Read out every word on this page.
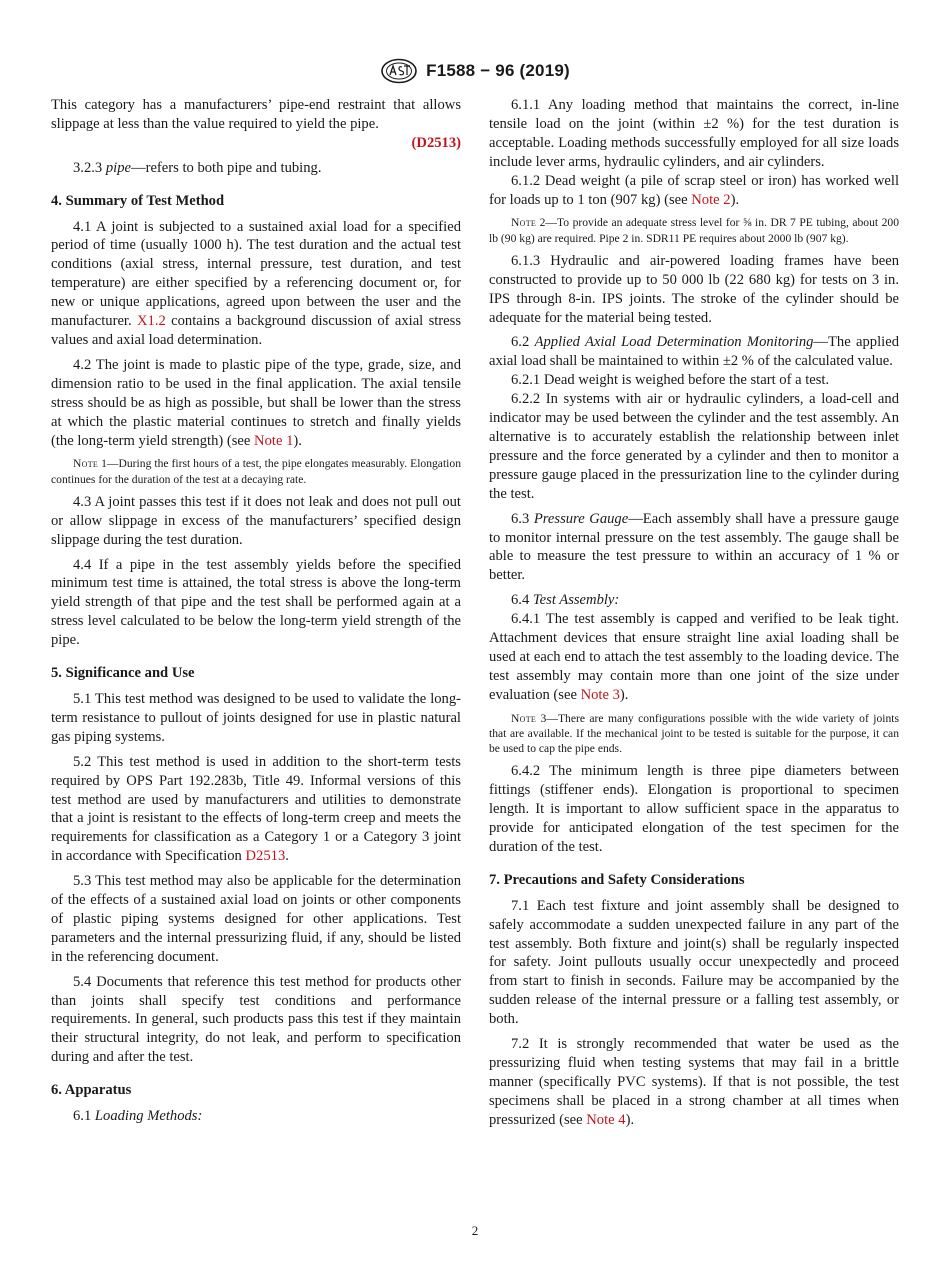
F1588 − 96 (2019)

This category has a manufacturers’ pipe-end restraint that allows slippage at less than the value required to yield the pipe.

(D2513)

3.2.3 pipe—refers to both pipe and tubing.

4. Summary of Test Method

4.1 A joint is subjected to a sustained axial load for a specified period of time (usually 1000 h). The test duration and the actual test conditions (axial stress, internal pressure, test duration, and test temperature) are either specified by a referencing document or, for new or unique applications, agreed upon between the user and the manufacturer. X1.2 contains a background discussion of axial stress values and axial load determination.

4.2 The joint is made to plastic pipe of the type, grade, size, and dimension ratio to be used in the final application. The axial tensile stress should be as high as possible, but shall be lower than the stress at which the plastic material continues to stretch and finally yields (the long-term yield strength) (see Note 1).

Note 1—During the first hours of a test, the pipe elongates measurably. Elongation continues for the duration of the test at a decaying rate.

4.3 A joint passes this test if it does not leak and does not pull out or allow slippage in excess of the manufacturers’ specified design slippage during the test duration.

4.4 If a pipe in the test assembly yields before the specified minimum test time is attained, the total stress is above the long-term yield strength of that pipe and the test shall be performed again at a stress level calculated to be below the long-term yield strength of the pipe.

5. Significance and Use

5.1 This test method was designed to be used to validate the long-term resistance to pullout of joints designed for use in plastic natural gas piping systems.

5.2 This test method is used in addition to the short-term tests required by OPS Part 192.283b, Title 49. Informal versions of this test method are used by manufacturers and utilities to demonstrate that a joint is resistant to the effects of long-term creep and meets the requirements for classification as a Category 1 or a Category 3 joint in accordance with Specification D2513.

5.3 This test method may also be applicable for the determination of the effects of a sustained axial load on joints or other components of plastic piping systems designed for other applications. Test parameters and the internal pressurizing fluid, if any, should be listed in the referencing document.

5.4 Documents that reference this test method for products other than joints shall specify test conditions and performance requirements. In general, such products pass this test if they maintain their structural integrity, do not leak, and perform to specification during and after the test.

6. Apparatus

6.1 Loading Methods:

6.1.1 Any loading method that maintains the correct, in-line tensile load on the joint (within ±2 %) for the test duration is acceptable. Loading methods successfully employed for all size loads include lever arms, hydraulic cylinders, and air cylinders.

6.1.2 Dead weight (a pile of scrap steel or iron) has worked well for loads up to 1 ton (907 kg) (see Note 2).

Note 2—To provide an adequate stress level for ⅝ in. DR 7 PE tubing, about 200 lb (90 kg) are required. Pipe 2 in. SDR11 PE requires about 2000 lb (907 kg).

6.1.3 Hydraulic and air-powered loading frames have been constructed to provide up to 50 000 lb (22 680 kg) for tests on 3 in. IPS through 8-in. IPS joints. The stroke of the cylinder should be adequate for the material being tested.

6.2 Applied Axial Load Determination Monitoring—The applied axial load shall be maintained to within ±2 % of the calculated value.

6.2.1 Dead weight is weighed before the start of a test.

6.2.2 In systems with air or hydraulic cylinders, a load-cell and indicator may be used between the cylinder and the test assembly. An alternative is to accurately establish the relationship between inlet pressure and the force generated by a cylinder and then to monitor a pressure gauge placed in the pressurization line to the cylinder during the test.

6.3 Pressure Gauge—Each assembly shall have a pressure gauge to monitor internal pressure on the test assembly. The gauge shall be able to measure the test pressure to within an accuracy of 1 % or better.

6.4 Test Assembly:

6.4.1 The test assembly is capped and verified to be leak tight. Attachment devices that ensure straight line axial loading shall be used at each end to attach the test assembly to the loading device. The test assembly may contain more than one joint of the size under evaluation (see Note 3).

Note 3—There are many configurations possible with the wide variety of joints that are available. If the mechanical joint to be tested is suitable for the purpose, it can be used to cap the pipe ends.

6.4.2 The minimum length is three pipe diameters between fittings (stiffener ends). Elongation is proportional to specimen length. It is important to allow sufficient space in the apparatus to provide for anticipated elongation of the test specimen for the duration of the test.

7. Precautions and Safety Considerations

7.1 Each test fixture and joint assembly shall be designed to safely accommodate a sudden unexpected failure in any part of the test assembly. Both fixture and joint(s) shall be regularly inspected for safety. Joint pullouts usually occur unexpectedly and proceed from start to finish in seconds. Failure may be accompanied by the sudden release of the internal pressure or a falling test assembly, or both.

7.2 It is strongly recommended that water be used as the pressurizing fluid when testing systems that may fail in a brittle manner (specifically PVC systems). If that is not possible, the test specimens shall be placed in a strong chamber at all times when pressurized (see Note 4).

2
